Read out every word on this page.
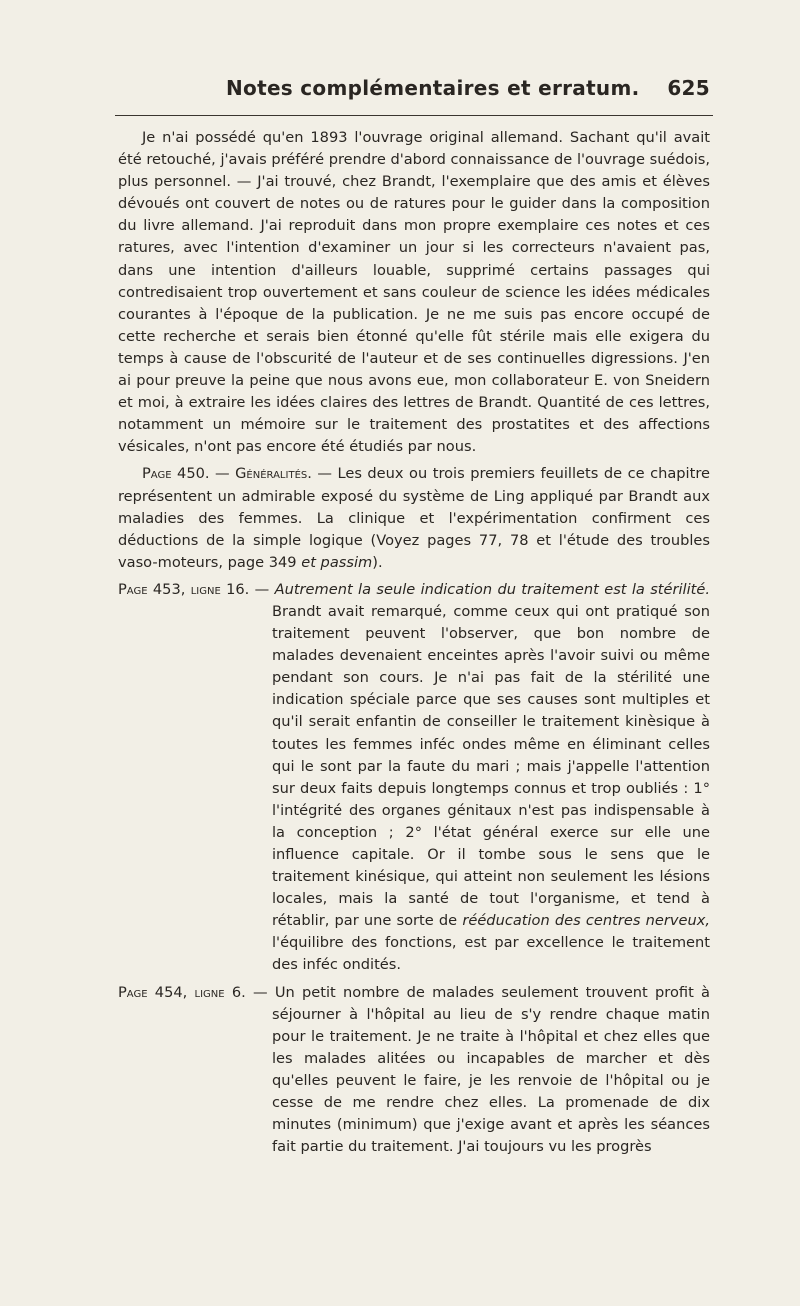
Notes complémentaires et erratum. 625

Je n'ai possédé qu'en 1893 l'ouvrage original allemand. Sachant qu'il avait été retouché, j'avais préféré prendre d'abord connaissance de l'ouvrage suédois, plus personnel. — J'ai trouvé, chez Brandt, l'exemplaire que des amis et élèves dévoués ont couvert de notes ou de ratures pour le guider dans la composition du livre allemand. J'ai reproduit dans mon propre exemplaire ces notes et ces ratures, avec l'intention d'examiner un jour si les correcteurs n'avaient pas, dans une intention d'ailleurs louable, supprimé certains passages qui contredisaient trop ouvertement et sans couleur de science les idées médicales courantes à l'époque de la publication. Je ne me suis pas encore occupé de cette recherche et serais bien étonné qu'elle fût stérile mais elle exigera du temps à cause de l'obscurité de l'auteur et de ses continuelles digressions. J'en ai pour preuve la peine que nous avons eue, mon collaborateur E. von Sneidern et moi, à extraire les idées claires des lettres de Brandt. Quantité de ces lettres, notamment un mémoire sur le traitement des prostatites et des affections vésicales, n'ont pas encore été étudiés par nous.

Page 450. — Généralités. — Les deux ou trois premiers feuillets de ce chapitre représentent un admirable exposé du système de Ling appliqué par Brandt aux maladies des femmes. La clinique et l'expérimentation confirment ces déductions de la simple logique (Voyez pages 77, 78 et l'étude des troubles vaso-moteurs, page 349 et passim).

Page 453, ligne 16. — Autrement la seule indication du traitement est la stérilité. Brandt avait remarqué, comme ceux qui ont pratiqué son traitement peuvent l'observer, que bon nombre de malades devenaient enceintes après l'avoir suivi ou même pendant son cours. Je n'ai pas fait de la stérilité une indication spéciale parce que ses causes sont multiples et qu'il serait enfantin de conseiller le traitement kinèsique à toutes les femmes inféc ondes même en éliminant celles qui le sont par la faute du mari ; mais j'appelle l'attention sur deux faits depuis longtemps connus et trop oubliés : 1° l'intégrité des organes génitaux n'est pas indispensable à la conception ; 2° l'état général exerce sur elle une influence capitale. Or il tombe sous le sens que le traitement kinésique, qui atteint non seulement les lésions locales, mais la santé de tout l'organisme, et tend à rétablir, par une sorte de rééducation des centres nerveux, l'équilibre des fonctions, est par excellence le traitement des inféc ondités.
Page 454, ligne 6. — Un petit nombre de malades seulement trouvent profit à séjourner à l'hôpital au lieu de s'y rendre chaque matin pour le traitement. Je ne traite à l'hôpital et chez elles que les malades alitées ou incapables de marcher et dès qu'elles peuvent le faire, je les renvoie de l'hôpital ou je cesse de me rendre chez elles. La promenade de dix minutes (minimum) que j'exige avant et après les séances fait partie du traitement. J'ai toujours vu les progrès
